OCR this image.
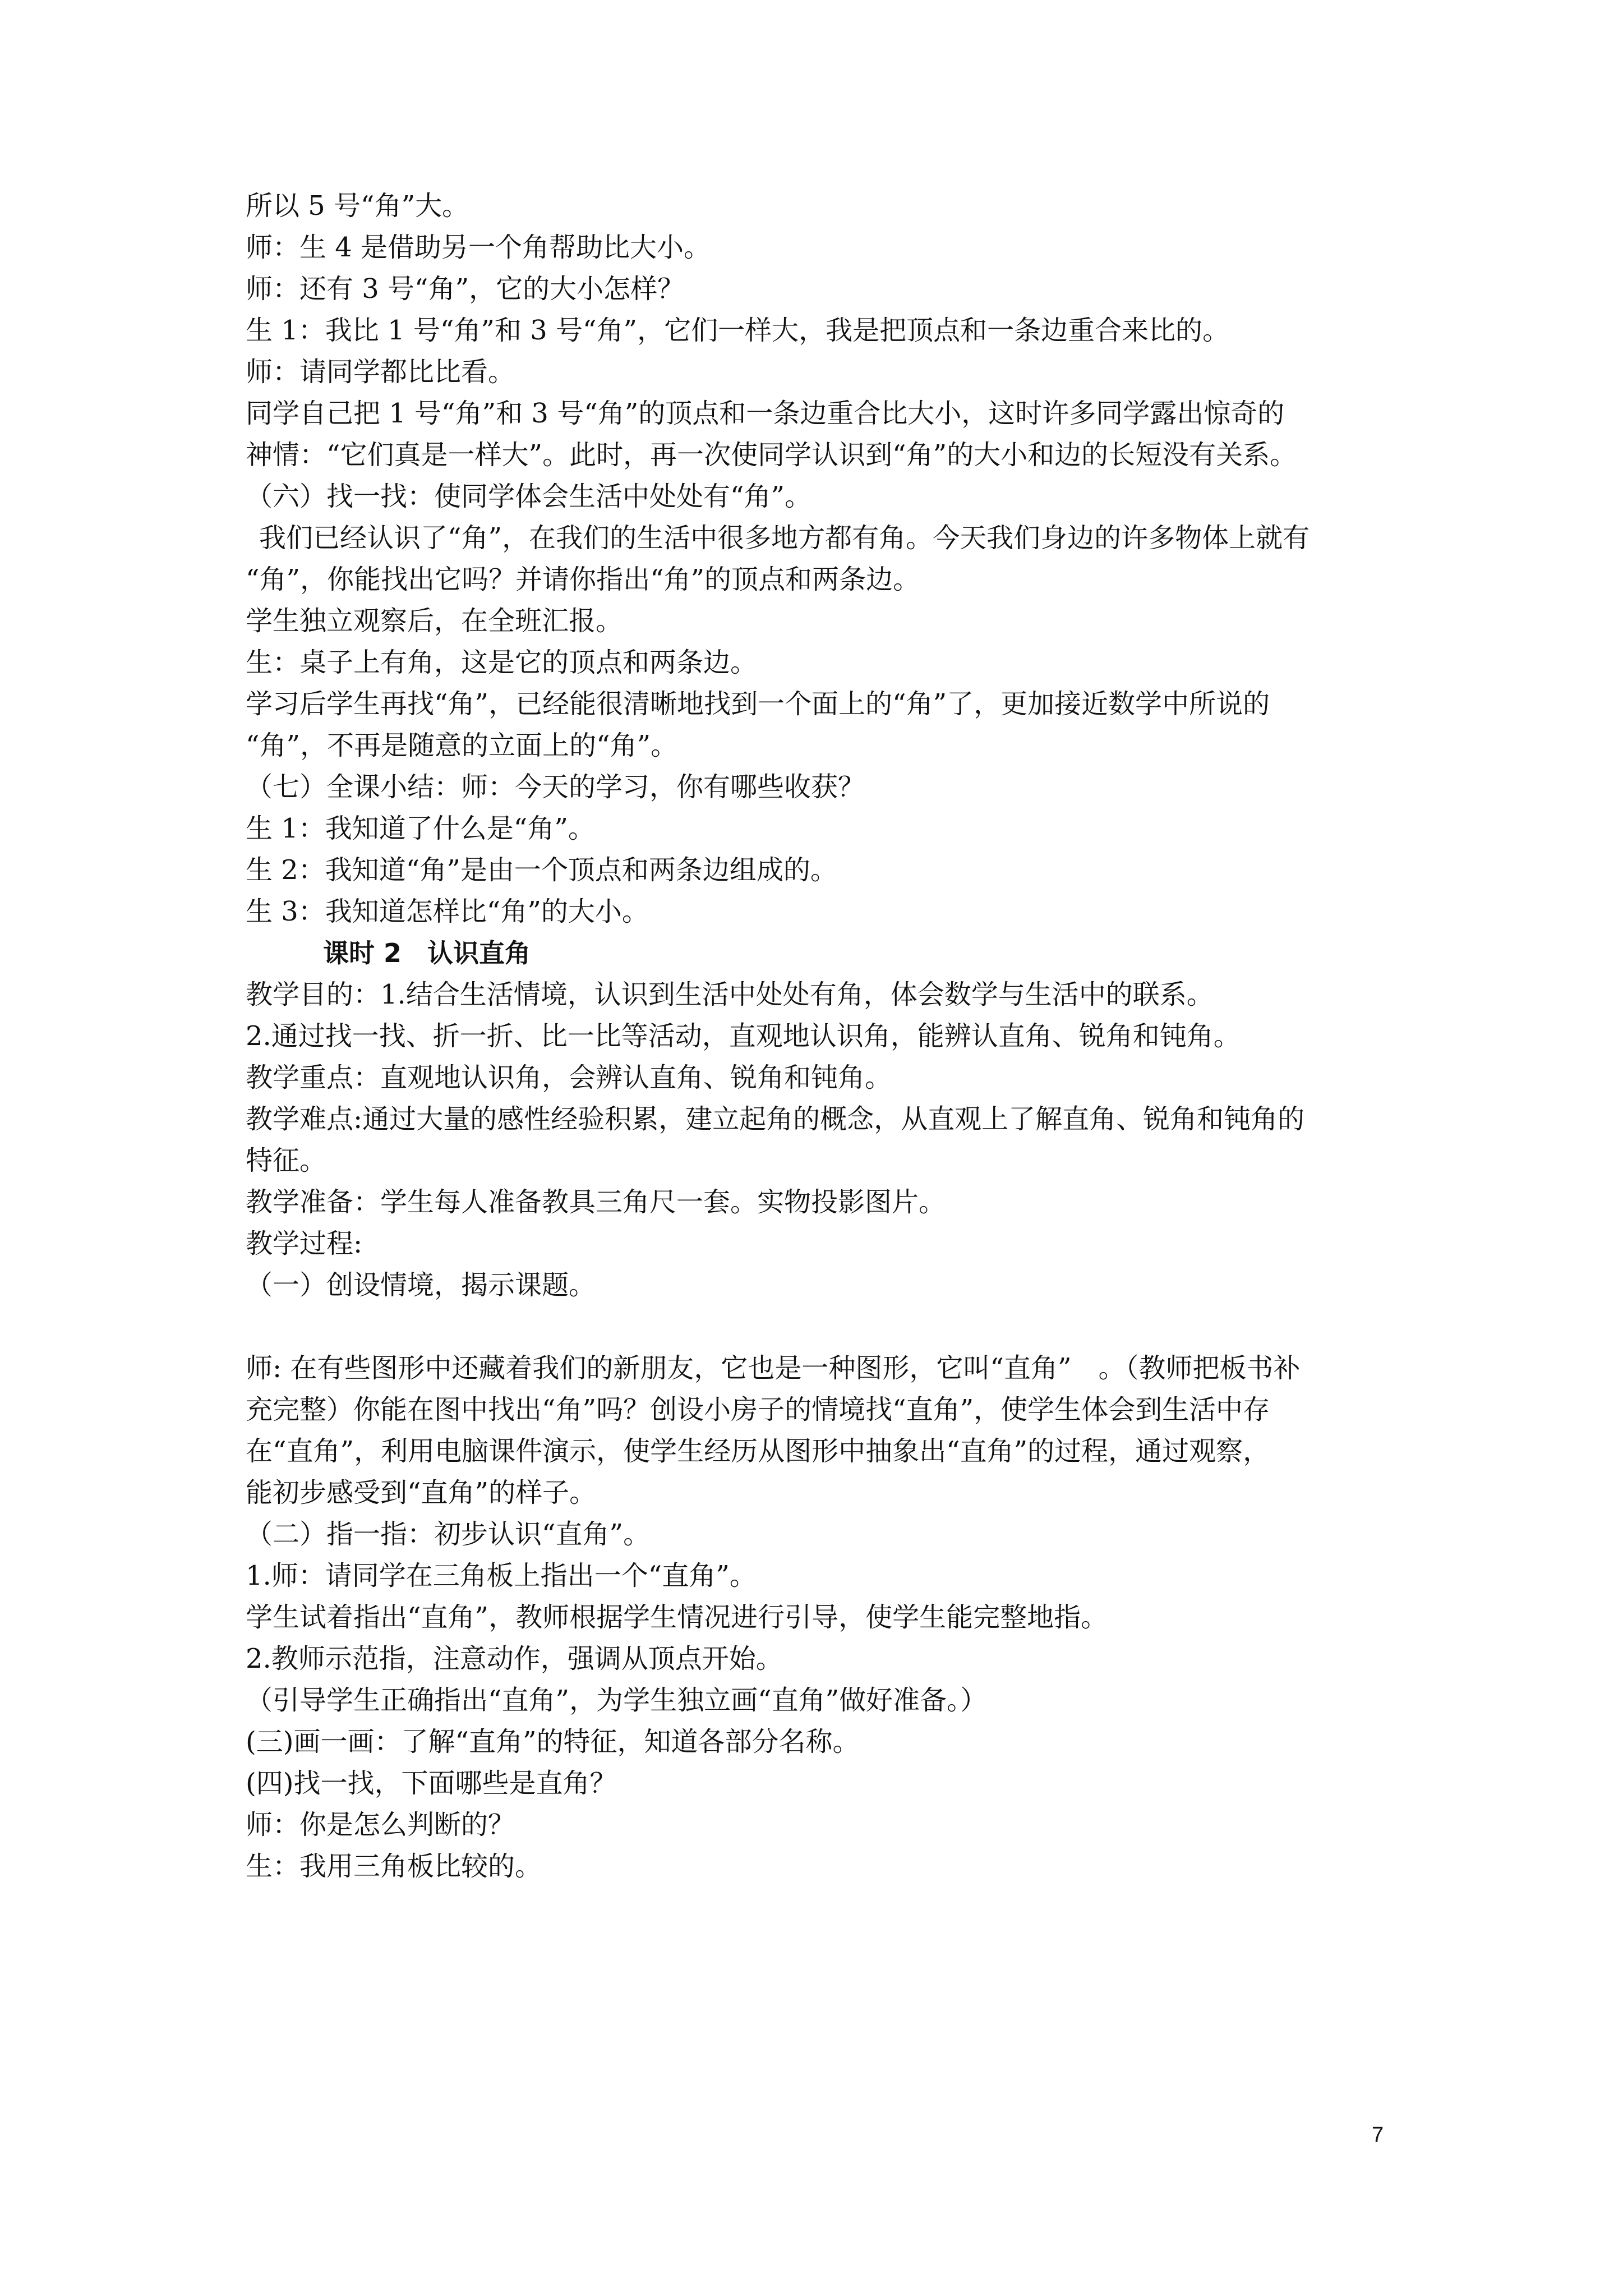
所以 5 号“角”大。
师：生 4 是借助另一个角帮助比大小。
师：还有 3 号“角”，它的大小怎样？
生 1：我比 1 号“角”和 3 号“角”，它们一样大，我是把顶点和一条边重合来比的。
师：请同学都比比看。
同学自己把 1 号“角”和 3 号“角”的顶点和一条边重合比大小，这时许多同学露出惊奇的
神情：“它们真是一样大”。此时，再一次使同学认识到“角”的大小和边的长短没有关系。
（六）找一找：使同学体会生活中处处有“角”。
我们已经认识了“角”，在我们的生活中很多地方都有角。今天我们身边的许多物体上就有
“角”，你能找出它吗？并请你指出“角”的顶点和两条边。
学生独立观察后，在全班汇报。
生：桌子上有角，这是它的顶点和两条边。
学习后学生再找“角”，已经能很清晰地找到一个面上的“角”了，更加接近数学中所说的
“角”，不再是随意的立面上的“角”。
（七）全课小结：师：今天的学习，你有哪些收获？
生 1：我知道了什么是“角”。
生 2：我知道“角”是由一个顶点和两条边组成的。
生 3：我知道怎样比“角”的大小。
课时 2　认识直角
教学目的：1.结合生活情境，认识到生活中处处有角，体会数学与生活中的联系。
2.通过找一找、折一折、比一比等活动，直观地认识角，能辨认直角、锐角和钝角。
教学重点：直观地认识角，会辨认直角、锐角和钝角。
教学难点:通过大量的感性经验积累，建立起角的概念，从直观上了解直角、锐角和钝角的
特征。
教学准备：学生每人准备教具三角尺一套。实物投影图片。
教学过程:
（一）创设情境，揭示课题。
师: 在有些图形中还藏着我们的新朋友，它也是一种图形，它叫“直角”　。（教师把板书补
充完整）你能在图中找出“角”吗？创设小房子的情境找“直角”，使学生体会到生活中存
在“直角”，利用电脑课件演示，使学生经历从图形中抽象出“直角”的过程，通过观察，
能初步感受到“直角”的样子。
（二）指一指：初步认识“直角”。
1.师：请同学在三角板上指出一个“直角”。
学生试着指出“直角”，教师根据学生情况进行引导，使学生能完整地指。
2.教师示范指，注意动作，强调从顶点开始。
（引导学生正确指出“直角”，为学生独立画“直角”做好准备。）
(三)画一画：了解“直角”的特征，知道各部分名称。
(四)找一找，下面哪些是直角？
师：你是怎么判断的？
生：我用三角板比较的。
7
